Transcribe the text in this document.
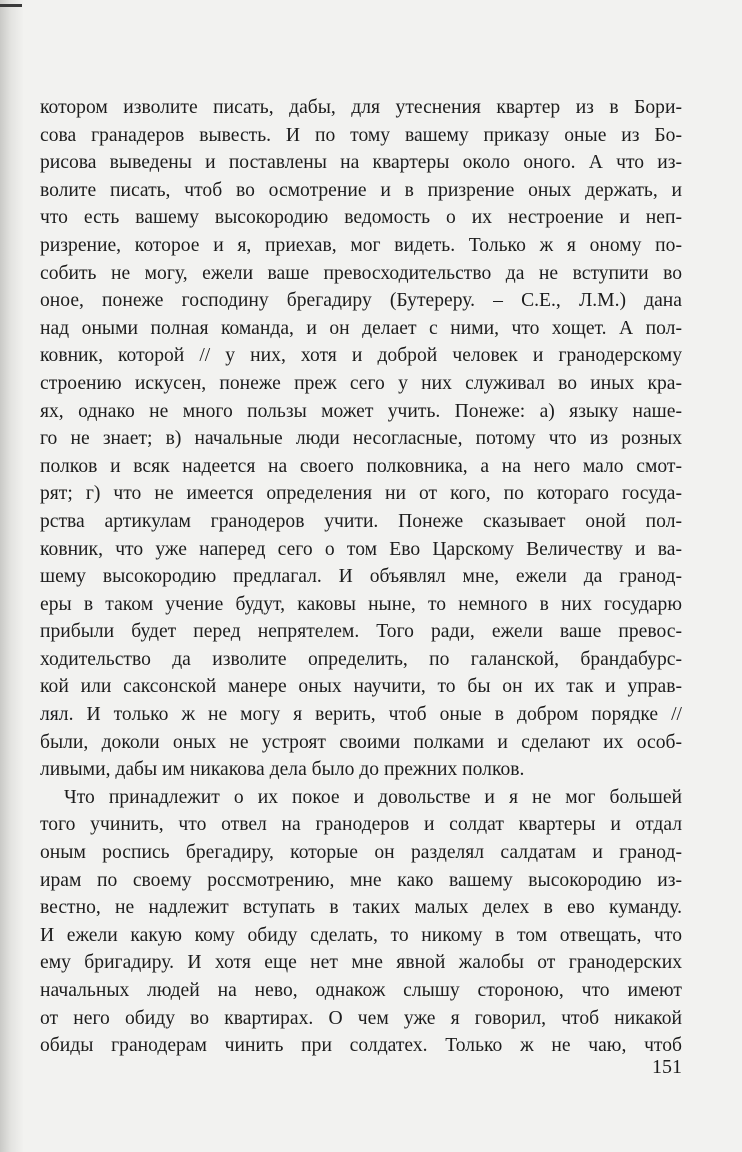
котором изволите писать, дабы, для утеснения квартер из в Бори-
сова гранадеров вывесть. И по тому вашему приказу оные из Бо-
рисова выведены и поставлены на квартеры около оного. А что из-
волите писать, чтоб во осмотрение и в призрение оных держать, и
что есть вашему высокородию ведомость о их нестроение и неп-
ризрение, которое и я, приехав, мог видеть. Только ж я оному по-
собить не могу, ежели ваше превосходительство да не вступити во
оное, понеже господину брегадиру (Бутереру. – С.Е., Л.М.) дана
над оными полная команда, и он делает с ними, что хощет. А пол-
ковник, которой // у них, хотя и доброй человек и гранодерскому
строению искусен, понеже преж сего у них служивал во иных кра-
ях, однако не много пользы может учить. Понеже: а) языку наше-
го не знает; в) начальные люди несогласные, потому что из розных
полков и всяк надеется на своего полковника, а на него мало смот-
рят; г) что не имеется определения ни от кого, по котораго госуда-
рства артикулам гранодеров учити. Понеже сказывает оной пол-
ковник, что уже наперед сего о том Ево Царскому Величеству и ва-
шему высокородию предлагал. И объявлял мне, ежели да гранод-
еры в таком учение будут, каковы ныне, то немного в них государю
прибыли будет перед непрятелем. Того ради, ежели ваше превос-
ходительство да изволите определить, по галанской, брандабурс-
кой или саксонской манере оных научити, то бы он их так и управ-
лял. И только ж не могу я верить, чтоб оные в добром порядке //
были, доколи оных не устроят своими полками и сделают их особ-
ливыми, дабы им никакова дела было до прежних полков.
Что принадлежит о их покое и довольстве и я не мог большей
того учинить, что отвел на гранодеров и солдат квартеры и отдал
оным роспись брегадиру, которые он разделял салдатам и гранод-
ирам по своему россмотрению, мне како вашему высокородию из-
вестно, не надлежит вступать в таких малых делех в ево куманду.
И ежели какую кому обиду сделать, то никому в том отвещать, что
ему бригадиру. И хотя еще нет мне явной жалобы от гранодерских
начальных людей на нево, однакож слышу стороною, что имеют
от него обиду во квартирах. О чем уже я говорил, чтоб никакой
обиды гранодерам чинить при солдатех. Только ж не чаю, чтоб
151
